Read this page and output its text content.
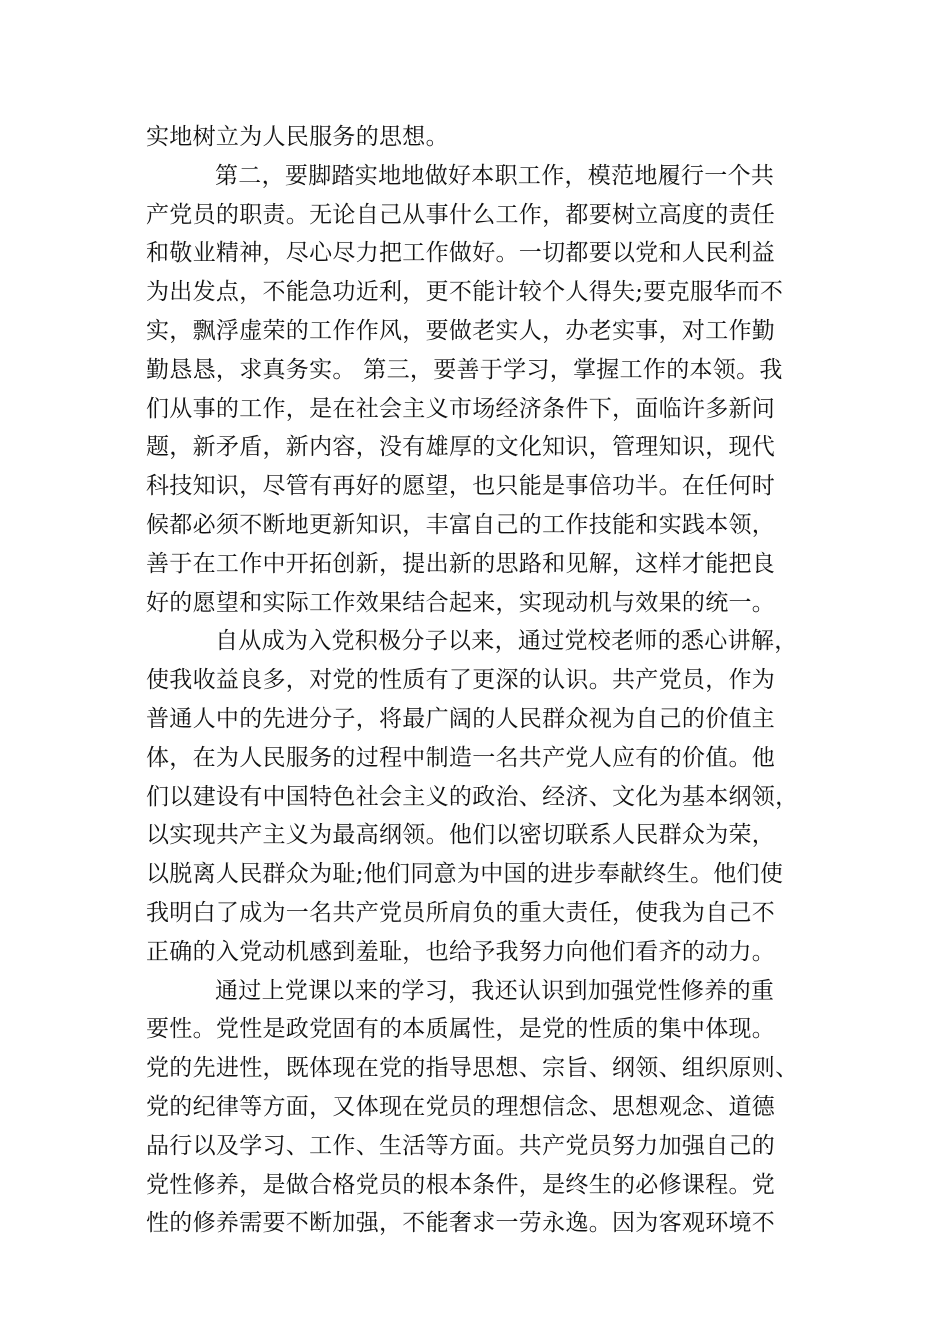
实地树立为人民服务的思想。
第二，要脚踏实地地做好本职工作，模范地履行一个共
产党员的职责。无论自己从事什么工作，都要树立高度的责任
和敬业精神，尽心尽力把工作做好。一切都要以党和人民利益
为出发点，不能急功近利，更不能计较个人得失;要克服华而不
实，飘浮虚荣的工作作风，要做老实人，办老实事，对工作勤
勤恳恳，求真务实。 第三，要善于学习，掌握工作的本领。我
们从事的工作，是在社会主义市场经济条件下，面临许多新问
题，新矛盾，新内容，没有雄厚的文化知识，管理知识，现代
科技知识，尽管有再好的愿望，也只能是事倍功半。在任何时
候都必须不断地更新知识，丰富自己的工作技能和实践本领，
善于在工作中开拓创新，提出新的思路和见解，这样才能把良
好的愿望和实际工作效果结合起来，实现动机与效果的统一。
自从成为入党积极分子以来，通过党校老师的悉心讲解，
使我收益良多，对党的性质有了更深的认识。共产党员，作为
普通人中的先进分子，将最广阔的人民群众视为自己的价值主
体，在为人民服务的过程中制造一名共产党人应有的价值。他
们以建设有中国特色社会主义的政治、经济、文化为基本纲领，
以实现共产主义为最高纲领。他们以密切联系人民群众为荣，
以脱离人民群众为耻;他们同意为中国的进步奉献终生。他们使
我明白了成为一名共产党员所肩负的重大责任，使我为自己不
正确的入党动机感到羞耻，也给予我努力向他们看齐的动力。
通过上党课以来的学习，我还认识到加强党性修养的重
要性。党性是政党固有的本质属性，是党的性质的集中体现。
党的先进性，既体现在党的指导思想、宗旨、纲领、组织原则、
党的纪律等方面，又体现在党员的理想信念、思想观念、道德
品行以及学习、工作、生活等方面。共产党员努力加强自己的
党性修养，是做合格党员的根本条件，是终生的必修课程。党
性的修养需要不断加强，不能奢求一劳永逸。因为客观环境不
